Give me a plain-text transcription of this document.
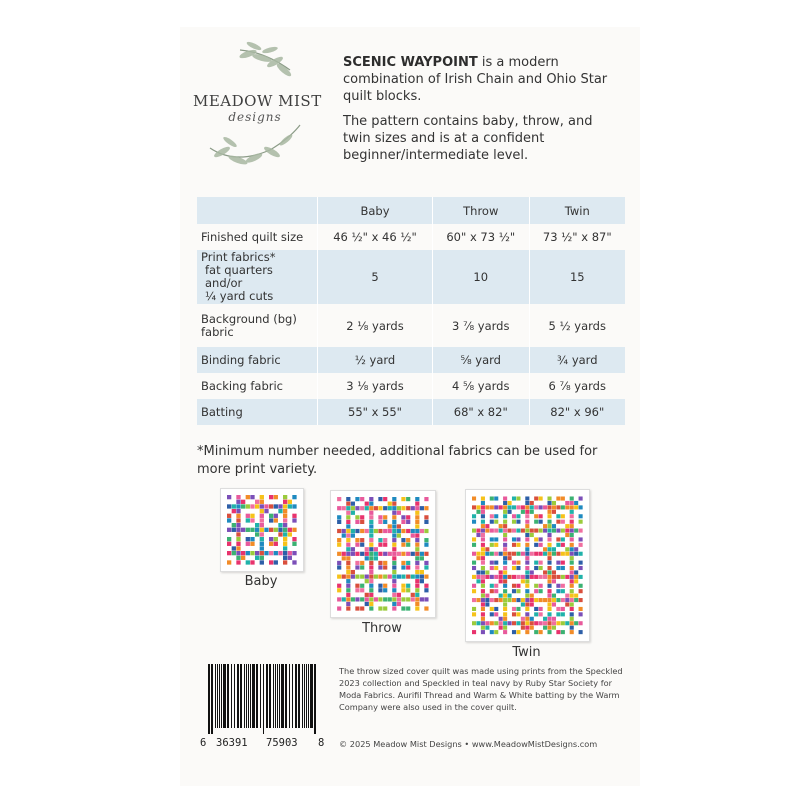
MEADOW MIST
designs

SCENIC WAYPOINT is a modern combination of Irish Chain and Ohio Star quilt blocks.

The pattern contains baby, throw, and twin sizes and is at a confident beginner/intermediate level.

	Baby	Throw	Twin
Finished quilt size	46 ½" x 46 ½"	60" x 73 ½"	73 ½" x 87"

Print fabrics*
fat quarters and/or
¼ yard cuts	5	10	15

Background (bg)
fabric	2 ⅛ yards	3 ⅞ yards	5 ½ yards
Binding fabric	½ yard	⅝ yard	¾ yard
Backing fabric	3 ⅛ yards	4 ⅝ yards	6 ⅞ yards
Batting	55" x 55"	68" x 82"	82" x 96"
*Minimum number needed, additional fabrics can be used for more print variety.
Baby
Throw
Twin
6 36391 75903 8
The throw sized cover quilt was made using prints from the Speckled 2023 collection and Speckled in teal navy by Ruby Star Society for Moda Fabrics. Aurifil Thread and Warm & White batting by the Warm Company were also used in the cover quilt.
© 2025 Meadow Mist Designs • www.MeadowMistDesigns.com
